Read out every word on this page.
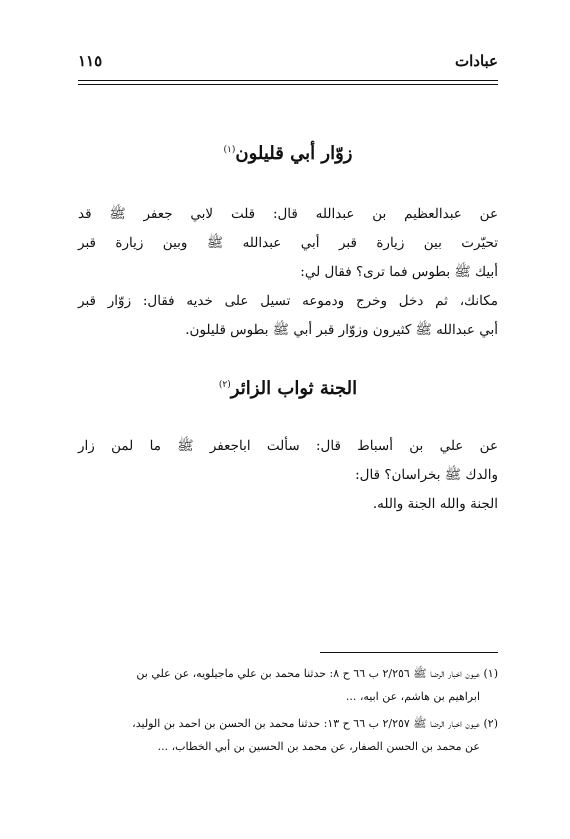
١١٥	عبادات
زوّار أبي قليلون$^{(١)}$
عن عبدالعظيم بن عبدالله قال: قلت لابي جعفر ﷺ قد
تحيّرت بين زيارة قبر أبي عبدالله ﷺ وبين زيارة قبر
أبيك ﷺ بطوس فما ترى؟ فقال لي:
مكانك، ثم دخل وخرج ودموعه تسيل على خديه فقال: زوّار قبر
أبي عبدالله ﷺ كثيرون وزوّار قبر أبي ﷺ بطوس قليلون.
الجنة ثواب الزائر$^{(٢)}$
عن علي بن أسباط قال: سألت اباجعفر ﷺ ما لمن زار
والدك ﷺ بخراسان؟ قال:
الجنة والله الجنة والله.
(١) عيون اخبار الرضا ﷺ ٢/٢٥٦ ب ٦٦ ح ٨: حدثنا محمد بن علي ماجيلويه، عن علي بن
ابراهيم بن هاشم، عن ابيه، ...
(٢) عيون اخبار الرضا ﷺ ٢/٢٥٧ ب ٦٦ ح ١٣: حدثنا محمد بن الحسن بن احمد بن الوليد،
عن محمد بن الحسن الصفار، عن محمد بن الحسين بن أبي الخطاب، ...
